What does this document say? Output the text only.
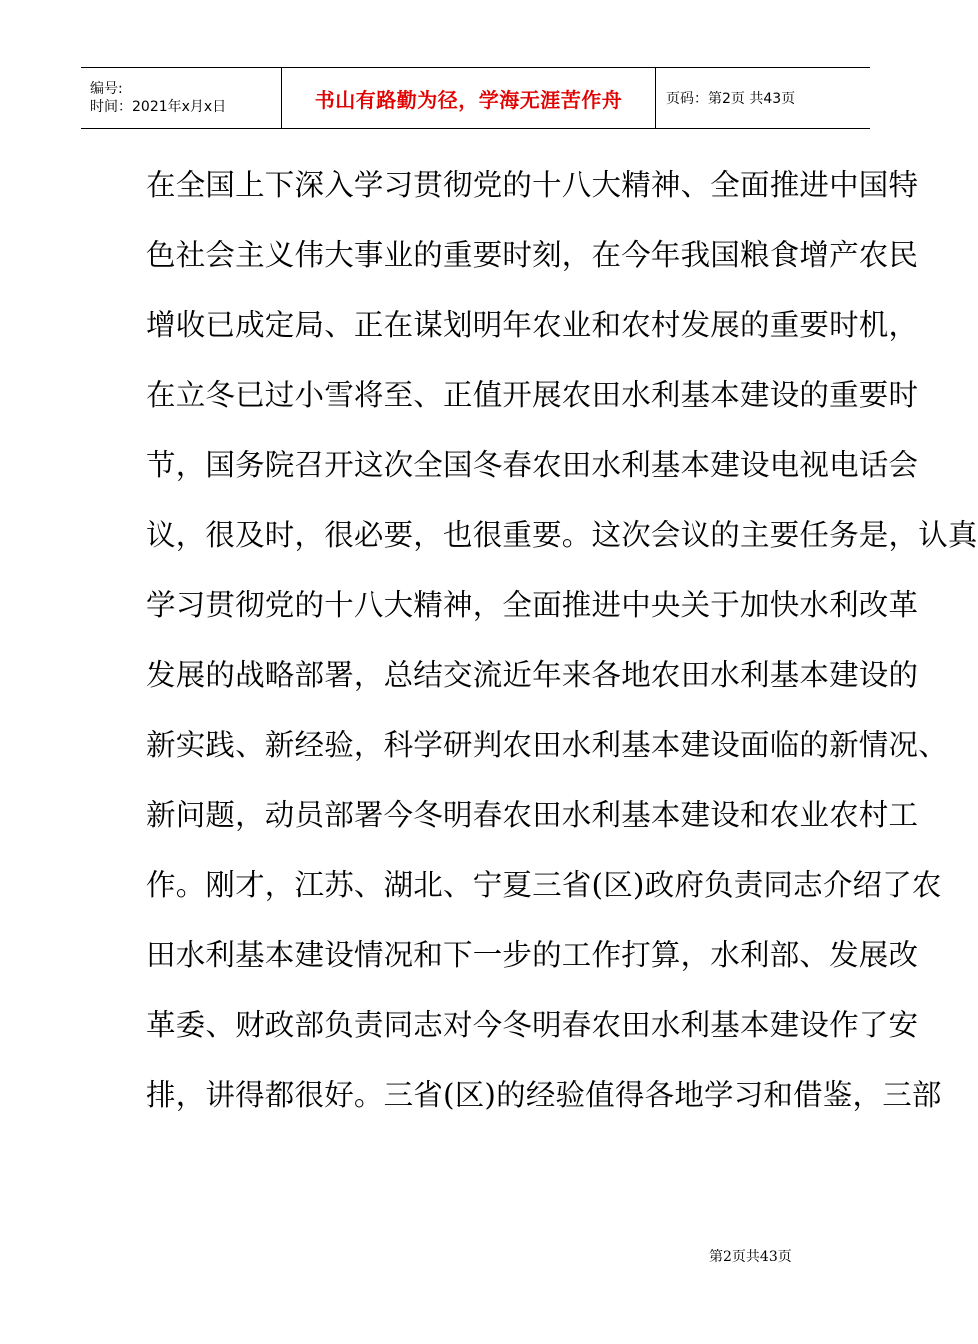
编号:
时间：2021年x月x日	书山有路勤为径，学海无涯苦作舟	页码：第2页 共43页
在全国上下深入学习贯彻党的十八大精神、全面推进中国特
色社会主义伟大事业的重要时刻，在今年我国粮食增产农民
增收已成定局、正在谋划明年农业和农村发展的重要时机，
在立冬已过小雪将至、正值开展农田水利基本建设的重要时
节，国务院召开这次全国冬春农田水利基本建设电视电话会
议，很及时，很必要，也很重要。这次会议的主要任务是，认真
学习贯彻党的十八大精神，全面推进中央关于加快水利改革
发展的战略部署，总结交流近年来各地农田水利基本建设的
新实践、新经验，科学研判农田水利基本建设面临的新情况、
新问题，动员部署今冬明春农田水利基本建设和农业农村工
作。刚才，江苏、湖北、宁夏三省(区)政府负责同志介绍了农
田水利基本建设情况和下一步的工作打算，水利部、发展改
革委、财政部负责同志对今冬明春农田水利基本建设作了安
排，讲得都很好。三省(区)的经验值得各地学习和借鉴，三部
第2页共43页
